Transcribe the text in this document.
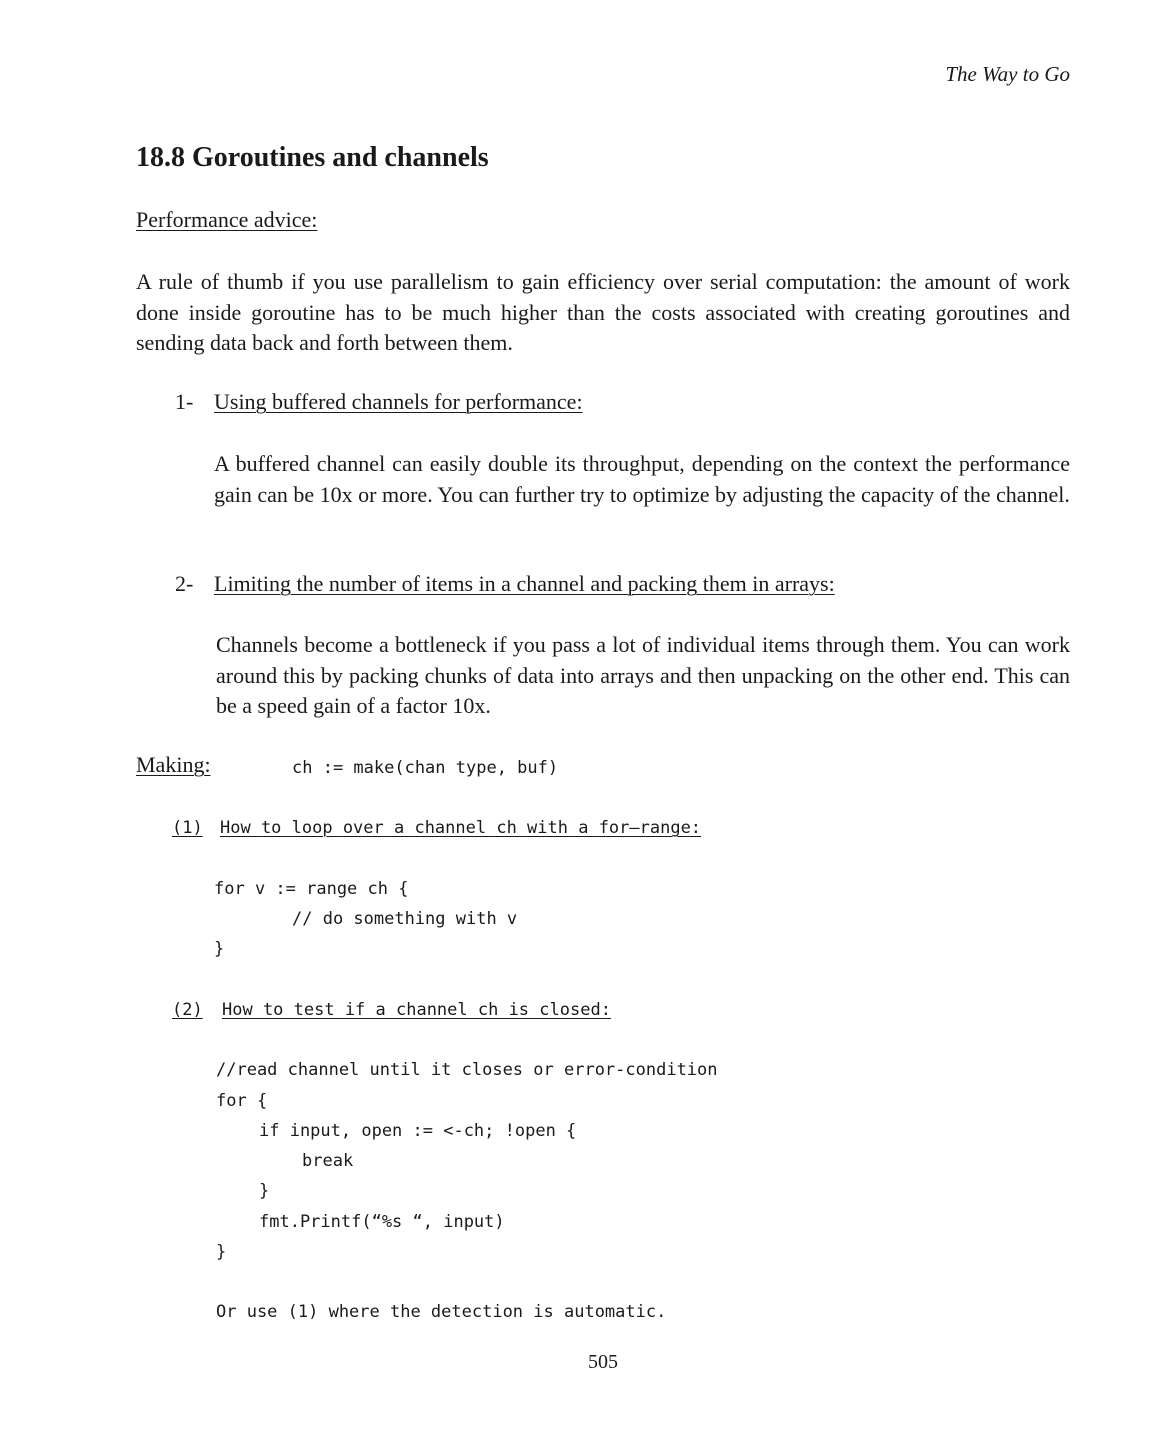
The Way to Go
18.8 Goroutines and channels
Performance advice:
A rule of thumb if you use parallelism to gain efficiency over serial computation: the amount of work done inside goroutine has to be much higher than the costs associated with creating goroutines and sending data back and forth between them.
1- Using buffered channels for performance:
A buffered channel can easily double its throughput, depending on the context the performance gain can be 10x or more. You can further try to optimize by adjusting the capacity of the channel.
2- Limiting the number of items in a channel and packing them in arrays:
Channels become a bottleneck if you pass a lot of individual items through them. You can work around this by packing chunks of data into arrays and then unpacking on the other end. This can be a speed gain of a factor 10x.
Making:	ch := make(chan type, buf)
(1) How to loop over a channel ch with a for–range:
for v := range ch {
// do something with v
}
(2) How to test if a channel ch is closed:
//read channel until it closes or error-condition
for {
if input, open := <-ch; !open {
break
}
fmt.Printf(“%s “, input)
}
Or use (1) where the detection is automatic.
505
